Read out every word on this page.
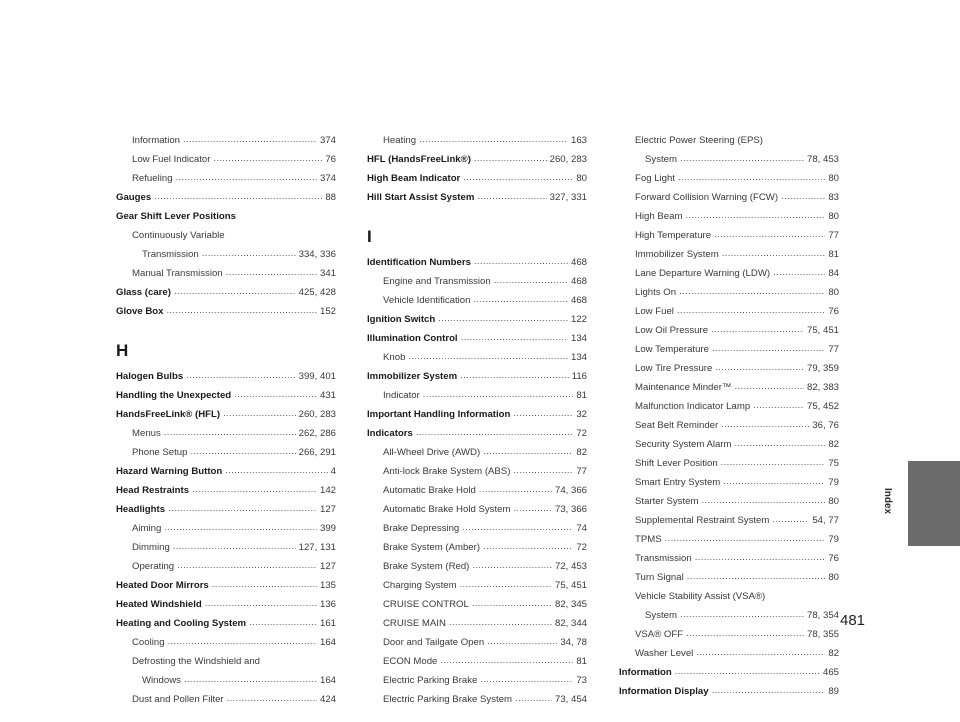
Information .....	374
Low Fuel Indicator .....	76
Refueling .....	374
Gauges .....	88
Gear Shift Lever Positions
Continuously Variable
Transmission .....	334, 336
Manual Transmission .....	341
Glass (care) .....	425, 428
Glove Box .....	152
H
Halogen Bulbs .....	399, 401
Handling the Unexpected .....	431
HandsFreeLink® (HFL) .....	260, 283
Menus .....	262, 286
Phone Setup .....	266, 291
Hazard Warning Button .....	4
Head Restraints .....	142
Headlights .....	127
Aiming .....	399
Dimming .....	127, 131
Operating .....	127
Heated Door Mirrors .....	135
Heated Windshield .....	136
Heating and Cooling System .....	161
Cooling .....	164
Defrosting the Windshield and
Windows .....	164
Dust and Pollen Filter .....	424
Heating .....	163
HFL (HandsFreeLink®) .....	260, 283
High Beam Indicator .....	80
Hill Start Assist System .....	327, 331
I
Identification Numbers .....	468
Engine and Transmission .....	468
Vehicle Identification .....	468
Ignition Switch .....	122
Illumination Control .....	134
Knob .....	134
Immobilizer System .....	116
Indicator .....	81
Important Handling Information .....	32
Indicators .....	72
All-Wheel Drive (AWD) .....	82
Anti-lock Brake System (ABS) .....	77
Automatic Brake Hold .....	74, 366
Automatic Brake Hold System .....	73, 366
Brake Depressing .....	74
Brake System (Amber) .....	72
Brake System (Red) .....	72, 453
Charging System .....	75, 451
CRUISE CONTROL .....	82, 345
CRUISE MAIN .....	82, 344
Door and Tailgate Open .....	34, 78
ECON Mode .....	81
Electric Parking Brake .....	73
Electric Parking Brake System .....	73, 454
Electric Power Steering (EPS)
System .....	78, 453
Fog Light .....	80
Forward Collision Warning (FCW) .....	83
High Beam .....	80
High Temperature .....	77
Immobilizer System .....	81
Lane Departure Warning (LDW) .....	84
Lights On .....	80
Low Fuel .....	76
Low Oil Pressure .....	75, 451
Low Temperature .....	77
Low Tire Pressure .....	79, 359
Maintenance Minder™ .....	82, 383
Malfunction Indicator Lamp .....	75, 452
Seat Belt Reminder .....	36, 76
Security System Alarm .....	82
Shift Lever Position .....	75
Smart Entry System .....	79
Starter System .....	80
Supplemental Restraint System .....	54, 77
TPMS .....	79
Transmission .....	76
Turn Signal .....	80
Vehicle Stability Assist (VSA®)
System .....	78, 354
VSA® OFF .....	78, 355
Washer Level .....	82
Information .....	465
Information Display .....	89
Index
481
